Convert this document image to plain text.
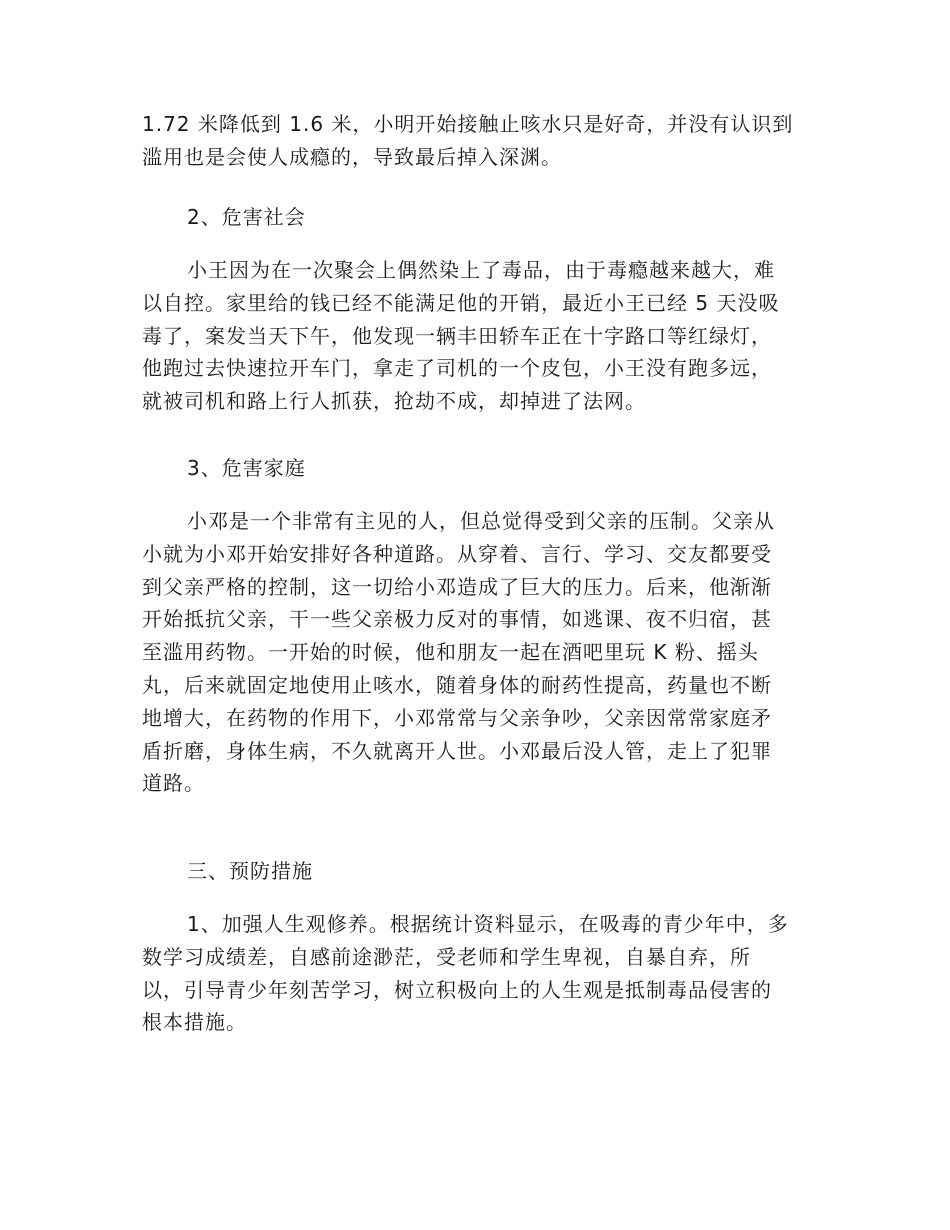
1.72 米降低到 1.6 米，小明开始接触止咳水只是好奇，并没有认识到
滥用也是会使人成瘾的，导致最后掉入深渊。
2、危害社会
小王因为在一次聚会上偶然染上了毒品，由于毒瘾越来越大，难
以自控。家里给的钱已经不能满足他的开销，最近小王已经 5 天没吸
毒了，案发当天下午，他发现一辆丰田轿车正在十字路口等红绿灯，
他跑过去快速拉开车门，拿走了司机的一个皮包，小王没有跑多远，
就被司机和路上行人抓获，抢劫不成，却掉进了法网。
3、危害家庭
小邓是一个非常有主见的人，但总觉得受到父亲的压制。父亲从
小就为小邓开始安排好各种道路。从穿着、言行、学习、交友都要受
到父亲严格的控制，这一切给小邓造成了巨大的压力。后来，他渐渐
开始抵抗父亲，干一些父亲极力反对的事情，如逃课、夜不归宿，甚
至滥用药物。一开始的时候，他和朋友一起在酒吧里玩 K 粉、摇头
丸，后来就固定地使用止咳水，随着身体的耐药性提高，药量也不断
地增大，在药物的作用下，小邓常常与父亲争吵，父亲因常常家庭矛
盾折磨，身体生病，不久就离开人世。小邓最后没人管，走上了犯罪
道路。
三、预防措施
1、加强人生观修养。根据统计资料显示，在吸毒的青少年中，多
数学习成绩差，自感前途渺茫，受老师和学生卑视，自暴自弃，所
以，引导青少年刻苦学习，树立积极向上的人生观是抵制毒品侵害的
根本措施。
